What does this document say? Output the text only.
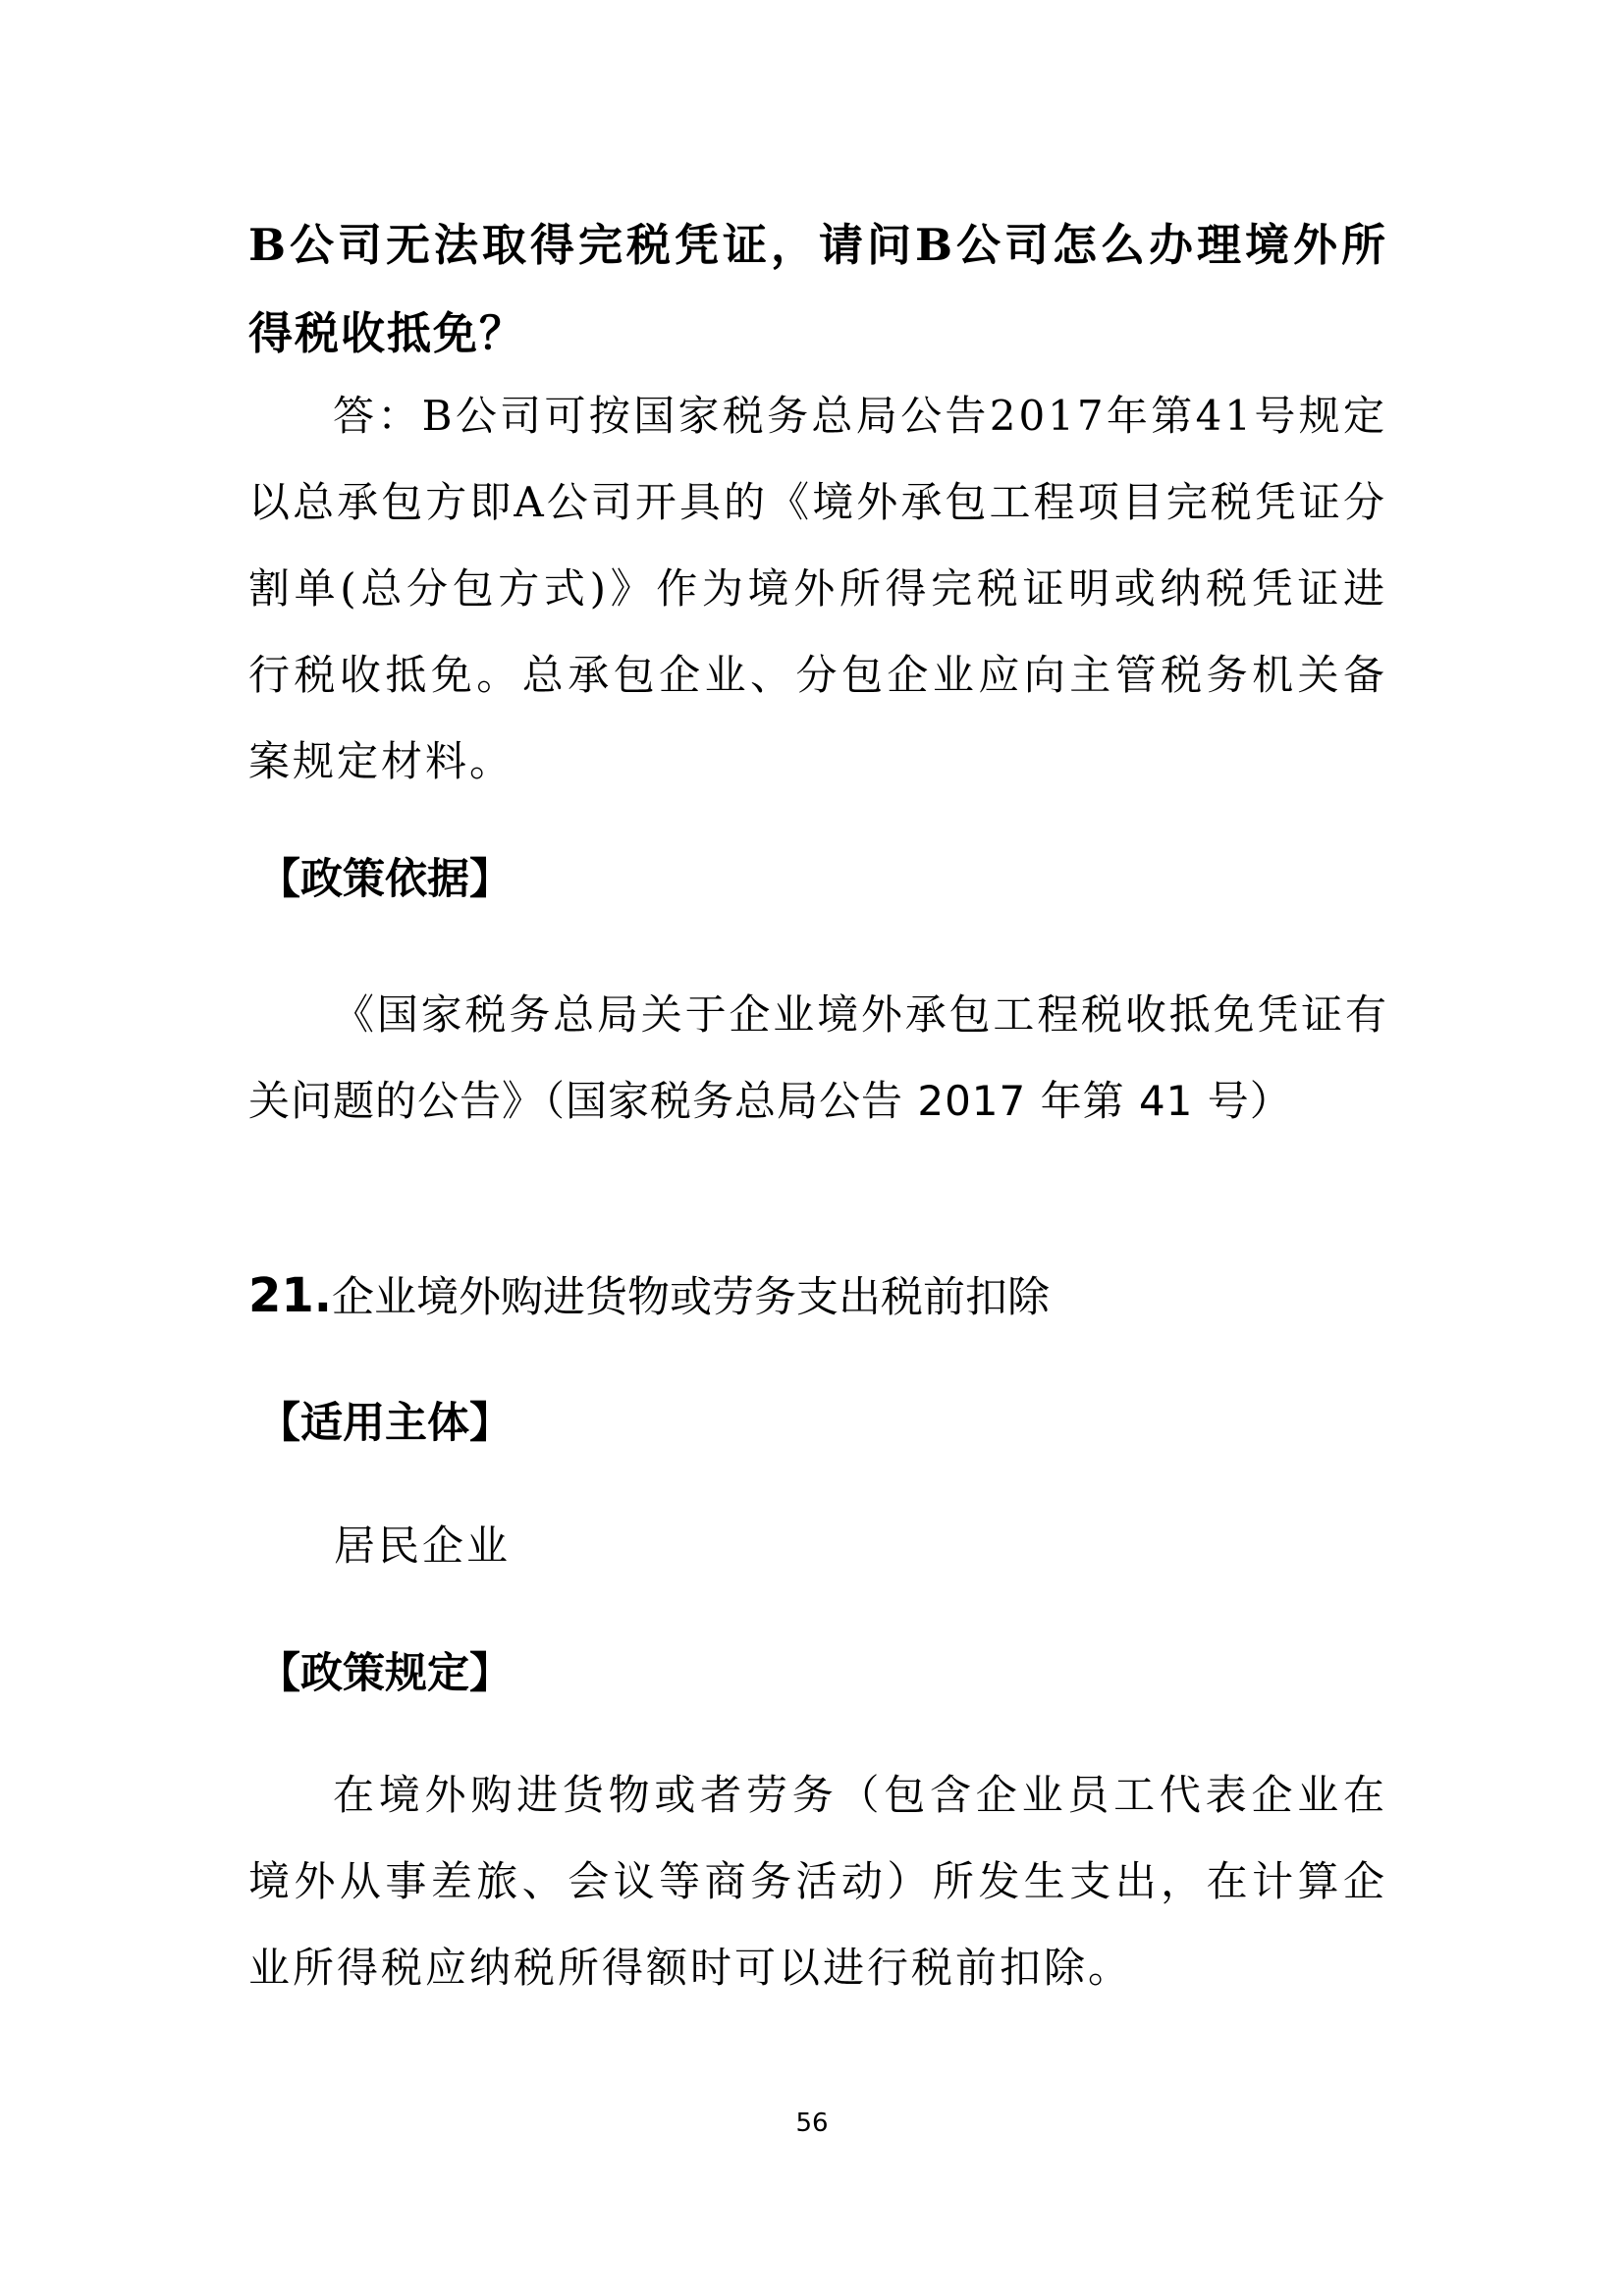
B公司无法取得完税凭证，请问B公司怎么办理境外所得税收抵免？

答：B公司可按国家税务总局公告2017年第41号规定以总承包方即A公司开具的《境外承包工程项目完税凭证分割单(总分包方式)》作为境外所得完税证明或纳税凭证进行税收抵免。总承包企业、分包企业应向主管税务机关备案规定材料。

【政策依据】

《国家税务总局关于企业境外承包工程税收抵免凭证有关问题的公告》（国家税务总局公告 2017 年第 41 号）

21.企业境外购进货物或劳务支出税前扣除
【适用主体】
居民企业
【政策规定】

在境外购进货物或者劳务（包含企业员工代表企业在境外从事差旅、会议等商务活动）所发生支出，在计算企业所得税应纳税所得额时可以进行税前扣除。

56
